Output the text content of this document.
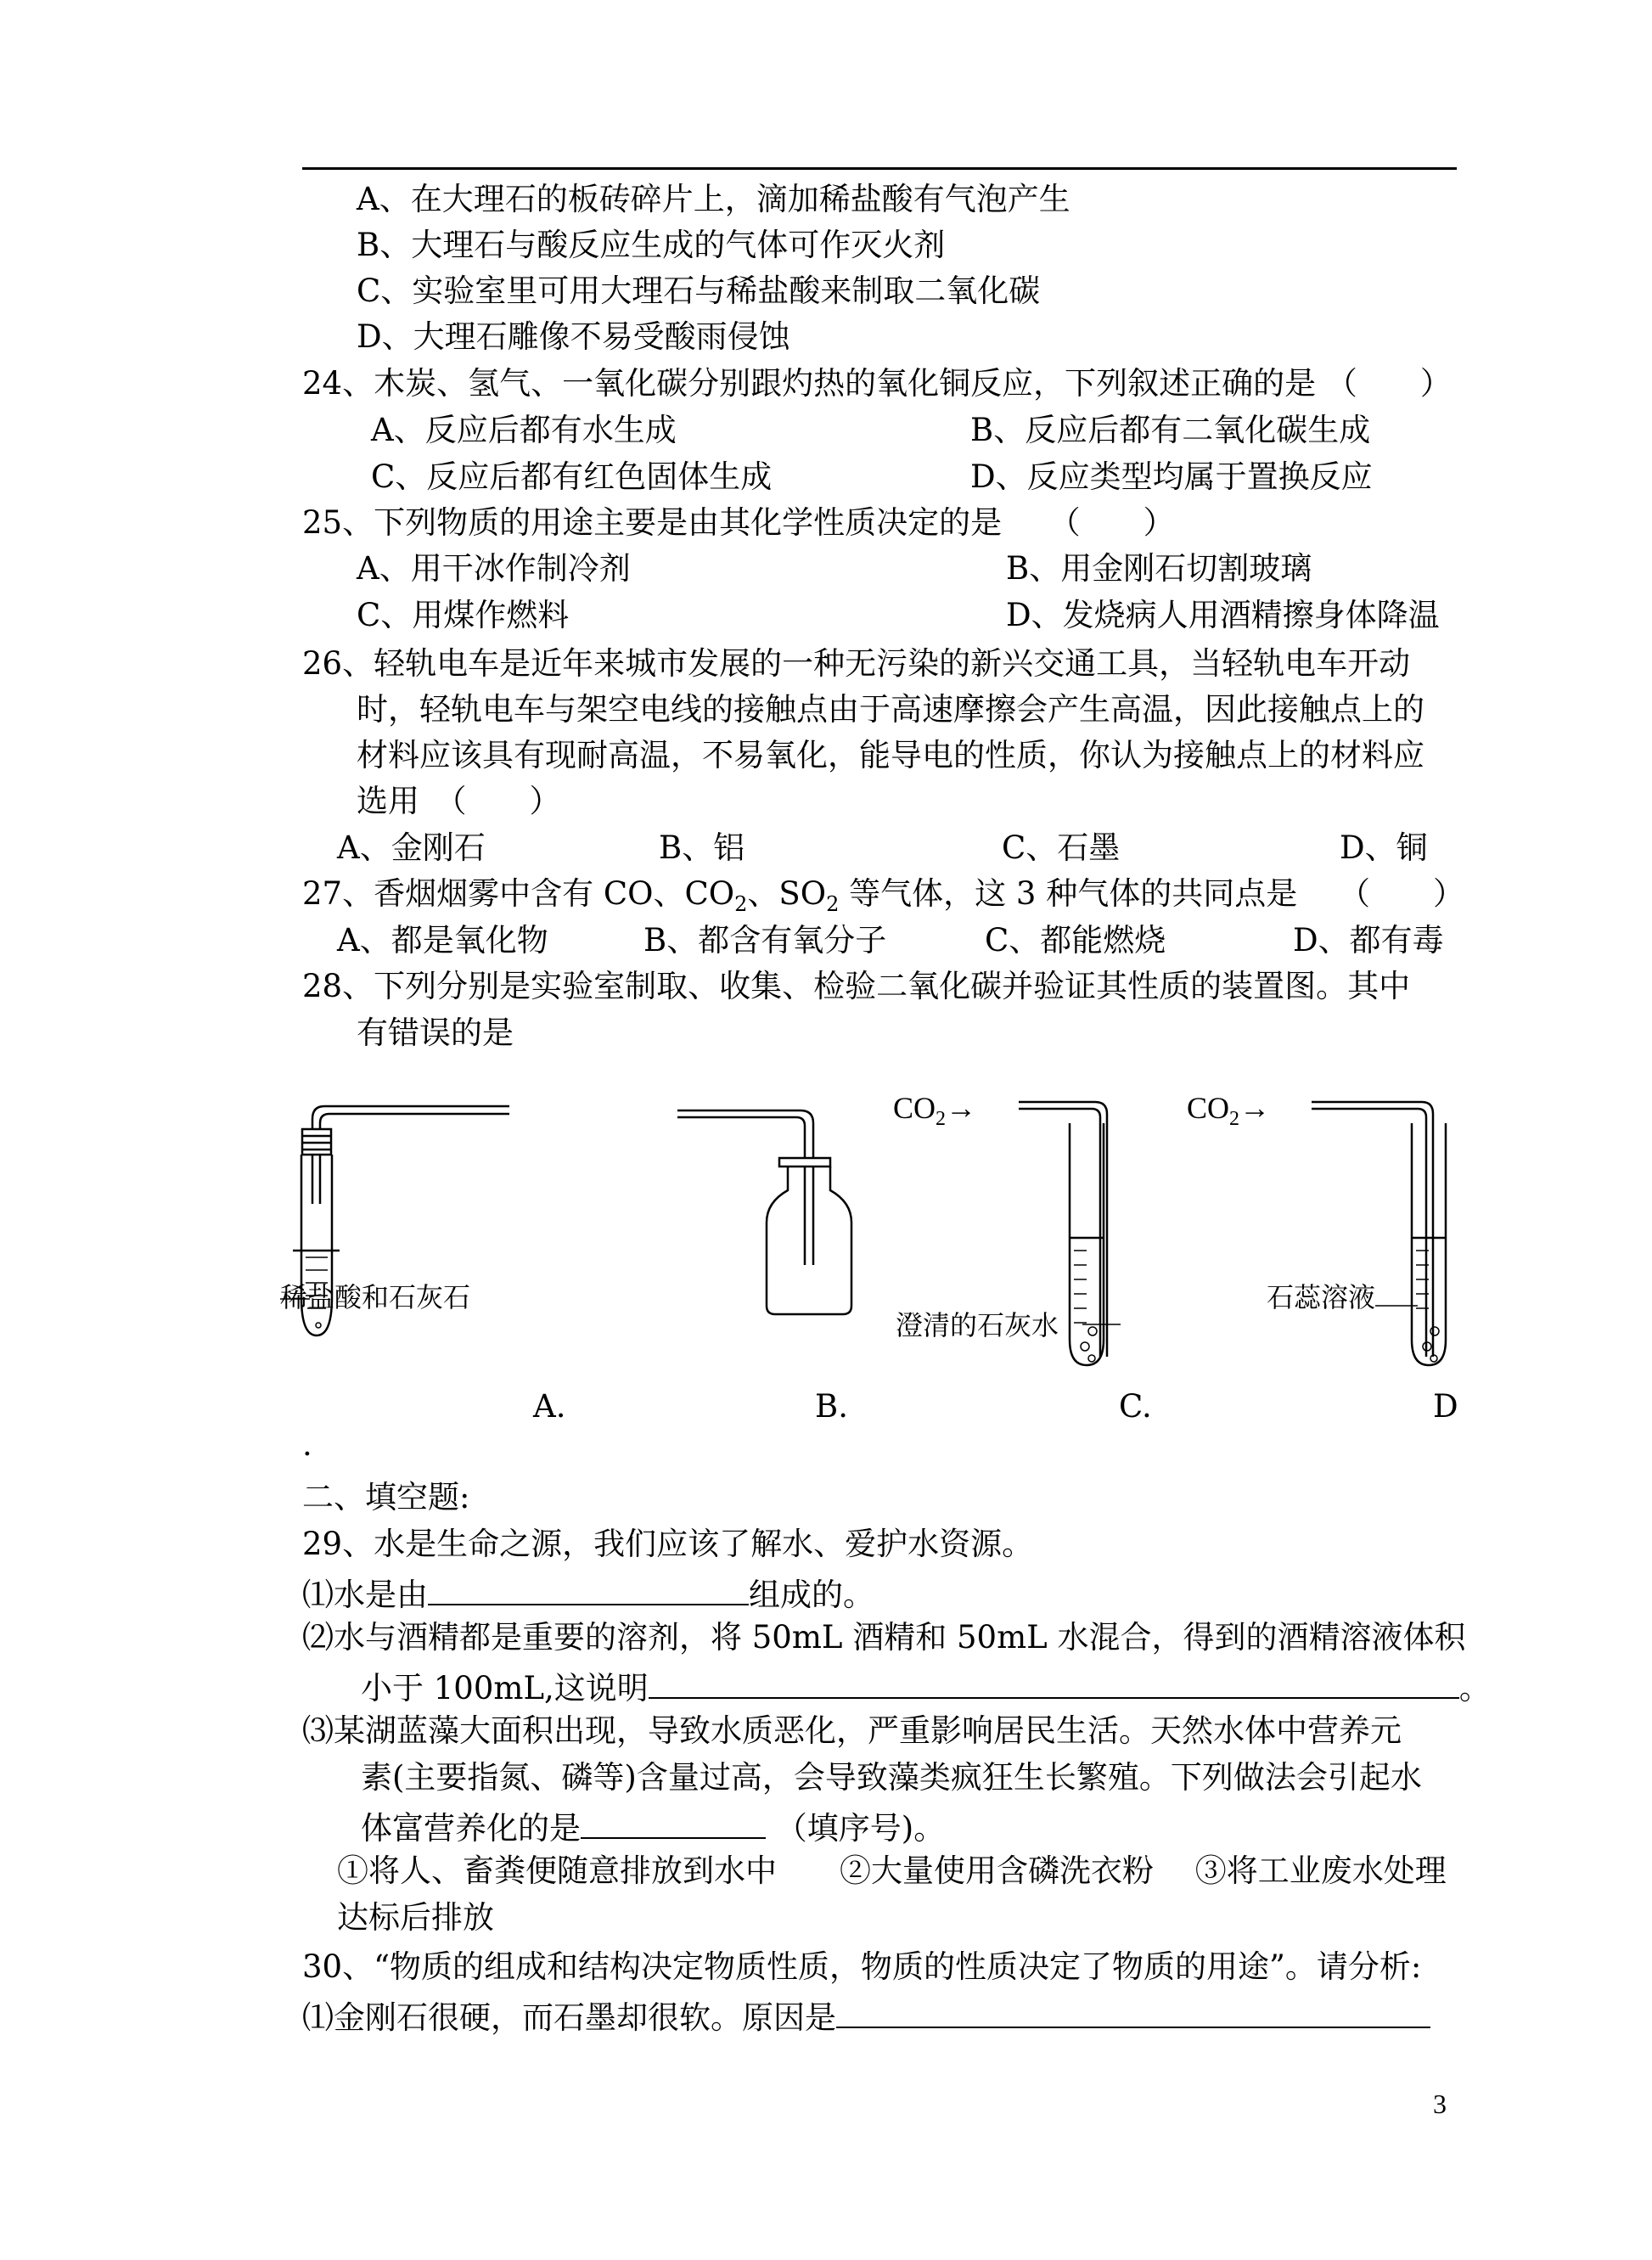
A、在大理石的板砖碎片上，滴加稀盐酸有气泡产生
B、大理石与酸反应生成的气体可作灭火剂
C、实验室里可用大理石与稀盐酸来制取二氧化碳
D、大理石雕像不易受酸雨侵蚀
24、木炭、氢气、一氧化碳分别跟灼热的氧化铜反应，下列叙述正确的是 （　　）
A、反应后都有水生成	B、反应后都有二氧化碳生成
C、反应后都有红色固体生成	D、反应类型均属于置换反应
25、下列物质的用途主要是由其化学性质决定的是　　（　　）
A、用干冰作制冷剂	B、用金刚石切割玻璃
C、用煤作燃料	D、发烧病人用酒精擦身体降温
26、轻轨电车是近年来城市发展的一种无污染的新兴交通工具，当轻轨电车开动
时，轻轨电车与架空电线的接触点由于高速摩擦会产生高温，因此接触点上的
材料应该具有现耐高温，不易氧化，能导电的性质，你认为接触点上的材料应
选用　（　　）
A、金刚石	B、铝	C、石墨	D、铜
27、香烟烟雾中含有 CO、$CO_2$、$SO_2$ 等气体，这 3 种气体的共同点是　 （　　）
A、都是氧化物	B、都含有氧分子	C、都能燃烧	D、都有毒
28、下列分别是实验室制取、收集、检验二氧化碳并验证其性质的装置图。其中
有错误的是
稀盐酸和石灰石
澄清的石灰水
石蕊溶液
$CO_2\to$	$CO_2\to$
A.	B.	C.	D
.
二、填空题:
29、水是生命之源，我们应该了解水、爱护水资源。
⑴水是由	组成的。
⑵水与酒精都是重要的溶剂，将 50mL 酒精和 50mL 水混合，得到的酒精溶液体积
小于 100mL,这说明	。
⑶某湖蓝藻大面积出现，导致水质恶化，严重影响居民生活。天然水体中营养元
素(主要指氮、磷等)含量过高，会导致藻类疯狂生长繁殖。下列做法会引起水
体富营养化的是	（填序号)。
①将人、畜粪便随意排放到水中　　②大量使用含磷洗衣粉　 ③将工业废水处理
达标后排放
30、“物质的组成和结构决定物质性质，物质的性质决定了物质的用途”。请分析:
⑴金刚石很硬，而石墨却很软。原因是
3
